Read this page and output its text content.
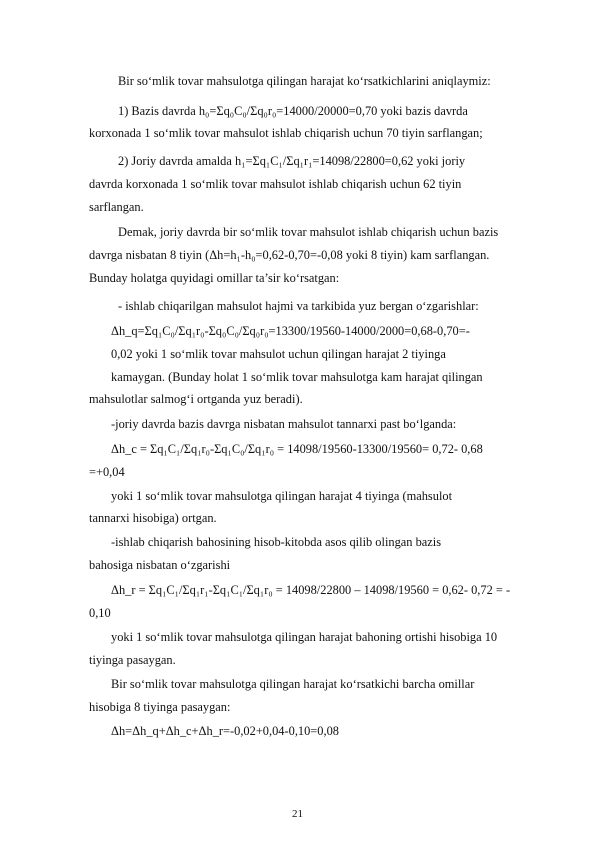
Bir so‘mlik tovar mahsulotga qilingan harajat ko‘rsatkichlarini aniqlaymiz:
1) Bazis davrda h₀=Σq₀C₀/Σq₀r₀=14000/20000=0,70 yoki bazis davrda
korxonada 1 so‘mlik tovar mahsulot ishlab chiqarish uchun 70 tiyin sarflangan;
2) Joriy davrda amalda h₁=Σq₁C₁/Σq₁r₁=14098/22800=0,62 yoki joriy
davrda korxonada 1 so‘mlik tovar mahsulot ishlab chiqarish uchun 62 tiyin
sarflangan.
Demak, joriy davrda bir so‘mlik tovar mahsulot ishlab chiqarish uchun bazis
davrga nisbatan 8 tiyin (Δh=h₁-h₀=0,62-0,70=-0,08 yoki 8 tiyin) kam sarflangan.
Bunday holatga quyidagi omillar ta’sir ko‘rsatgan:
- ishlab chiqarilgan mahsulot hajmi va tarkibida yuz bergan o‘zgarishlar:
Δh_q=Σq₁C₀/Σq₁r₀-Σq₀C₀/Σq₀r₀=13300/19560-14000/2000=0,68-0,70=-
0,02 yoki 1 so‘mlik tovar mahsulot uchun qilingan harajat 2 tiyinga
kamaygan. (Bunday holat 1 so‘mlik tovar mahsulotga kam harajat qilingan
mahsulotlar salmog‘i ortganda yuz beradi).
-joriy davrda bazis davrga nisbatan mahsulot tannarxi past bo‘lganda:
Δh_c = Σq₁C₁/Σq₁r₀-Σq₁C₀/Σq₁r₀ = 14098/19560-13300/19560= 0,72- 0,68
=+0,04
yoki 1 so‘mlik tovar mahsulotga qilingan harajat 4 tiyinga (mahsulot
tannarxi hisobiga) ortgan.
-ishlab chiqarish bahosining hisob-kitobda asos qilib olingan bazis
bahosiga nisbatan o‘zgarishi
Δh_r = Σq₁C₁/Σq₁r₁-Σq₁C₁/Σq₁r₀ = 14098/22800 – 14098/19560 = 0,62- 0,72 = -
0,10
yoki 1 so‘mlik tovar mahsulotga qilingan harajat bahoning ortishi hisobiga 10
tiyinga pasaygan.
Bir so‘mlik tovar mahsulotga qilingan harajat ko‘rsatkichi barcha omillar
hisobiga 8 tiyinga pasaygan:
Δh=Δh_q+Δh_c+Δh_r=-0,02+0,04-0,10=0,08
21
